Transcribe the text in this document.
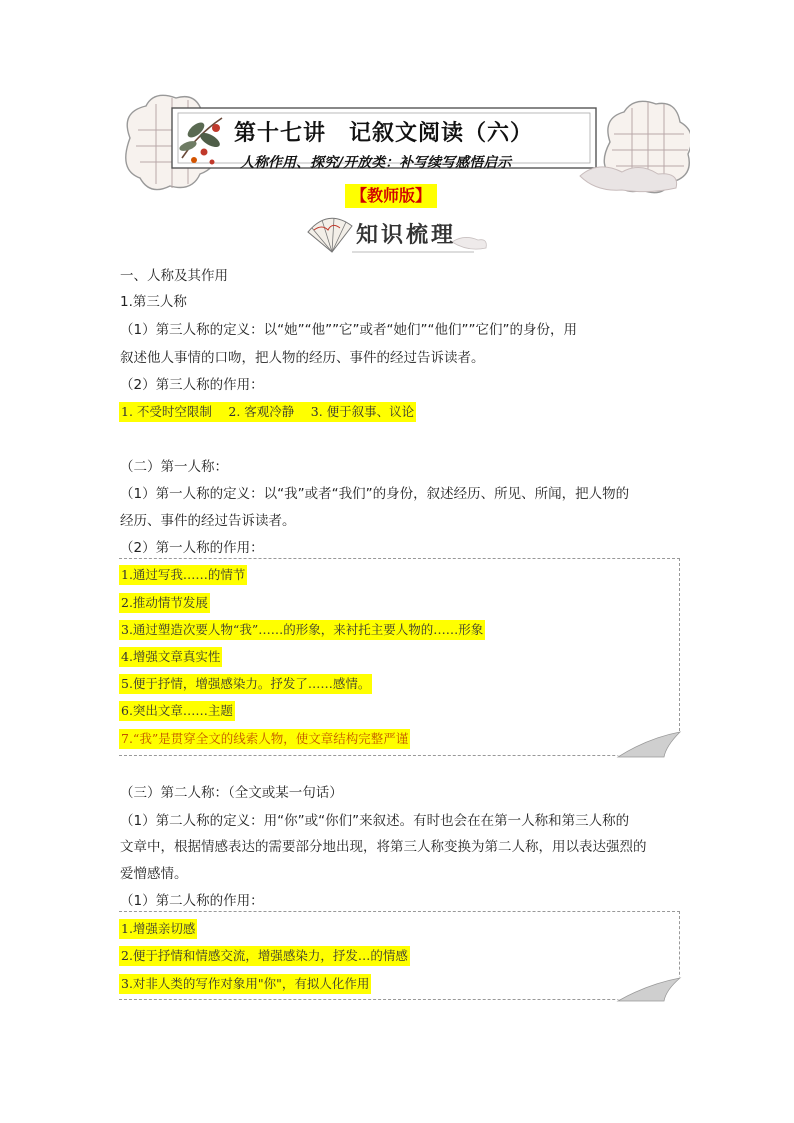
第十七讲　记叙文阅读（六）
人称作用、探究/开放类：补写续写感悟启示
【教师版】
知识梳理
一、人称及其作用
1.第三人称
（1）第三人称的定义：以“她”“他””它”或者“她们”“他们””它们”的身份，用
叙述他人事情的口吻，把人物的经历、事件的经过告诉读者。
（2）第三人称的作用：
1. 不受时空限制　 2. 客观冷静　 3. 便于叙事、议论
（二）第一人称：
（1）第一人称的定义：以“我”或者“我们”的身份，叙述经历、所见、所闻，把人物的
经历、事件的经过告诉读者。
（2）第一人称的作用：
1.通过写我……的情节
2.推动情节发展
3.通过塑造次要人物“我”……的形象，来衬托主要人物的……形象
4.增强文章真实性
5.便于抒情，增强感染力。抒发了……感情。
6.突出文章……主题
7.“我”是贯穿全文的线索人物，使文章结构完整严谨
（三）第二人称：（全文或某一句话）
（1）第二人称的定义：用“你”或“你们”来叙述。有时也会在在第一人称和第三人称的
文章中，根据情感表达的需要部分地出现，将第三人称变换为第二人称，用以表达强烈的
爱憎感情。
（1）第二人称的作用：
1.增强亲切感
2.便于抒情和情感交流，增强感染力，抒发…的情感
3.对非人类的写作对象用"你"，有拟人化作用
